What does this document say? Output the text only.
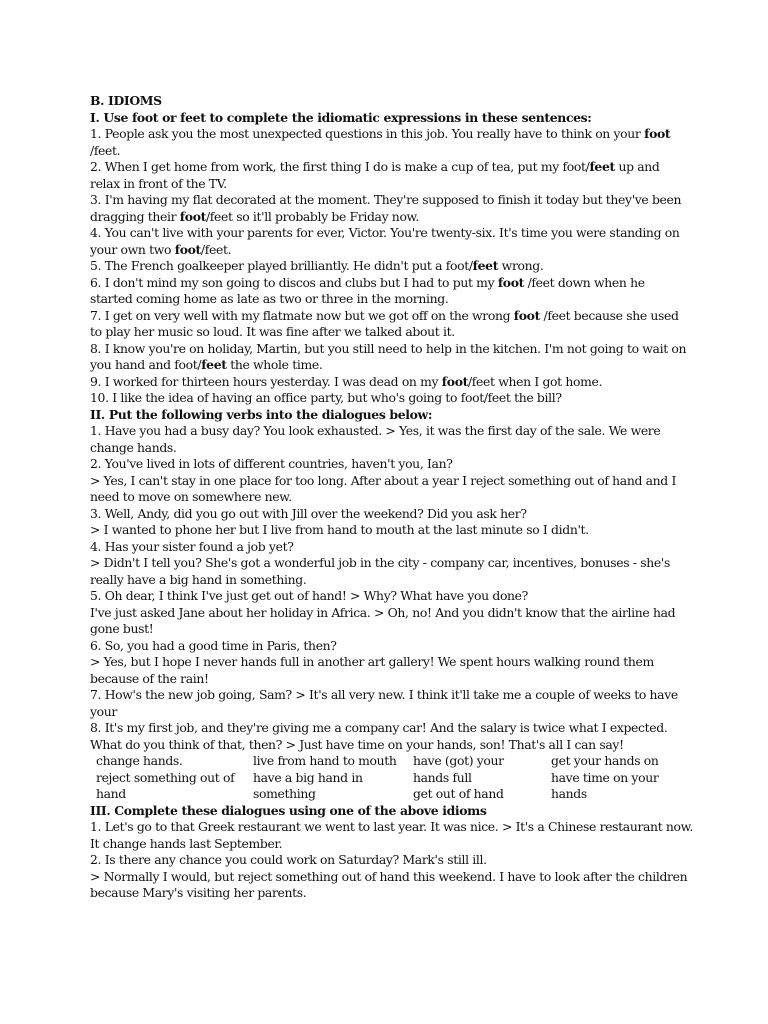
B. IDIOMS
I. Use foot or feet to complete the idiomatic expressions in these sentences:
1. People ask you the most unexpected questions in this job. You really have to think on your foot
/feet.
2. When I get home from work, the first thing I do is make a cup of tea, put my foot/feet up and
relax in front of the TV.
3. I'm having my flat decorated at the moment. They're supposed to finish it today but they've been
dragging their foot/feet so it'll probably be Friday now.
4. You can't live with your parents for ever, Victor. You're twenty-six. It's time you were standing on
your own two foot/feet.
5. The French goalkeeper played brilliantly. He didn't put a foot/feet wrong.
6. I don't mind my son going to discos and clubs but I had to put my foot /feet down when he
started coming home as late as two or three in the morning.
7. I get on very well with my flatmate now but we got off on the wrong foot /feet because she used
to play her music so loud. It was fine after we talked about it.
8. I know you're on holiday, Martin, but you still need to help in the kitchen. I'm not going to wait on
you hand and foot/feet the whole time.
9. I worked for thirteen hours yesterday. I was dead on my foot/feet when I got home.
10. I like the idea of having an office party, but who's going to foot/feet the bill?
II. Put the following verbs into the dialogues below:
1. Have you had a busy day? You look exhausted. > Yes, it was the first day of the sale. We were
change hands.
2. You've lived in lots of different countries, haven't you, Ian?
> Yes, I can't stay in one place for too long. After about a year I reject something out of hand and I
need to move on somewhere new.
3. Well, Andy, did you go out with Jill over the weekend? Did you ask her?
> I wanted to phone her but I live from hand to mouth at the last minute so I didn't.
4. Has your sister found a job yet?
> Didn't I tell you? She's got a wonderful job in the city - company car, incentives, bonuses - she's
really have a big hand in something.
5. Oh dear, I think I've just get out of hand! > Why? What have you done?
I've just asked Jane about her holiday in Africa. > Oh, no! And you didn't know that the airline had
gone bust!
6. So, you had a good time in Paris, then?
> Yes, but I hope I never hands full in another art gallery! We spent hours walking round them
because of the rain!
7. How's the new job going, Sam? > It's all very new. I think it'll take me a couple of weeks to have
your
8. It's my first job, and they're giving me a company car! And the salary is twice what I expected.
What do you think of that, then? > Just have time on your hands, son! That's all I can say!
change hands.	live from hand to mouth	have (got) your	get your hands on
reject something out of	have a big hand in	hands full	have time on your
hand	something	get out of hand	hands
III. Complete these dialogues using one of the above idioms
1. Let's go to that Greek restaurant we went to last year. It was nice. > It's a Chinese restaurant now.
It change hands last September.
2. Is there any chance you could work on Saturday? Mark's still ill.
> Normally I would, but reject something out of hand this weekend. I have to look after the children
because Mary's visiting her parents.
